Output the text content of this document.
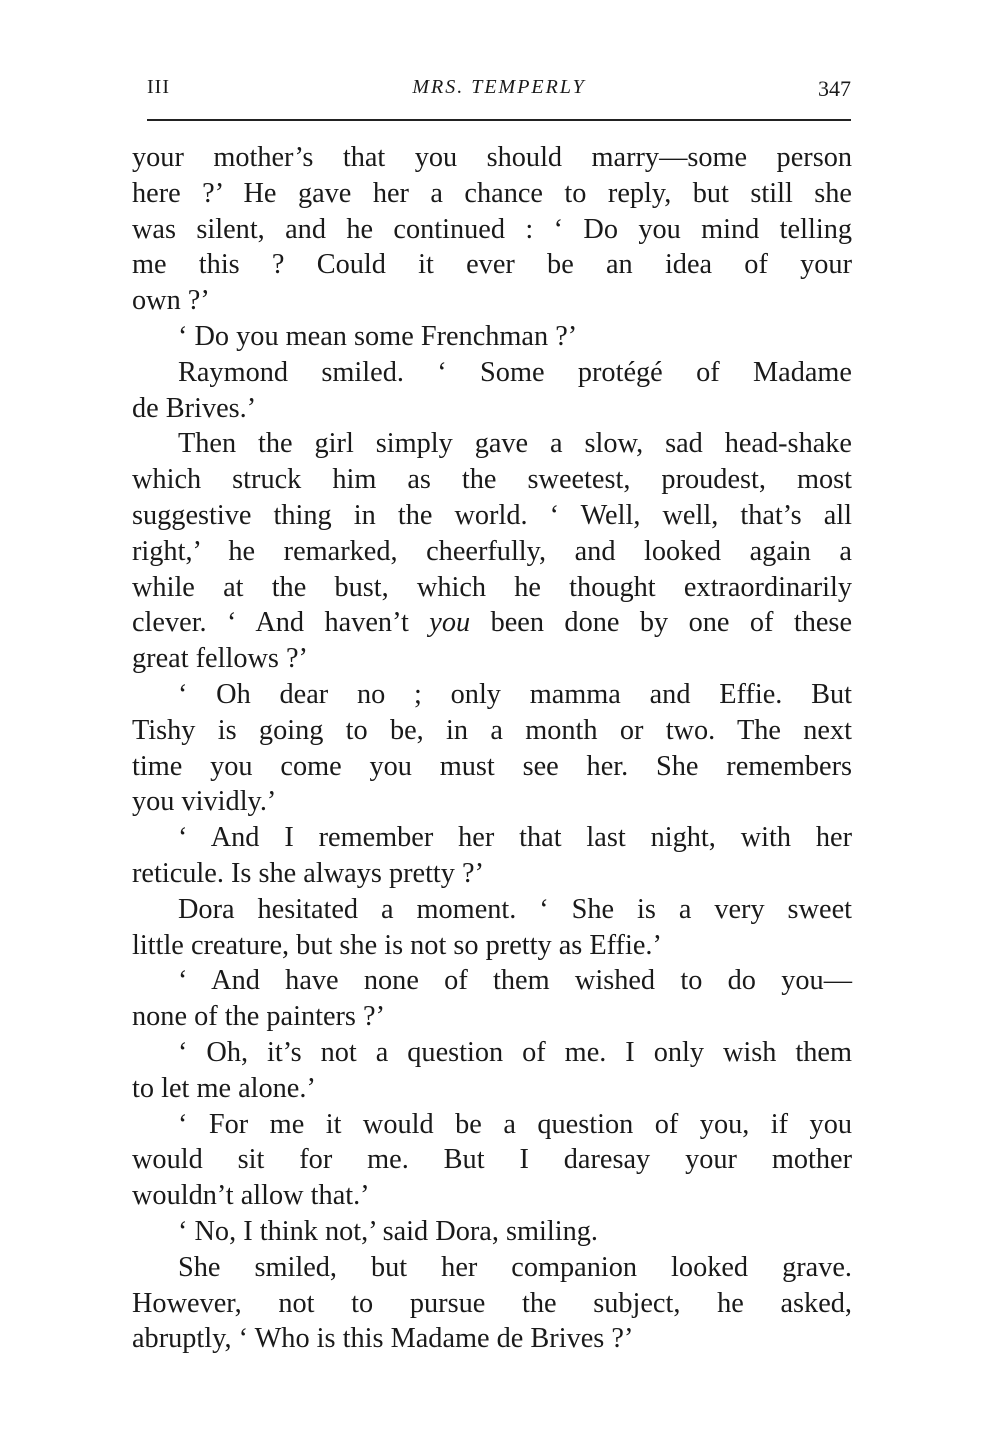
III	MRS. TEMPERLY	347
your mother’s that you should marry—some person
here ?’ He gave her a chance to reply, but still she
was silent, and he continued : ‘ Do you mind telling
me this ? Could it ever be an idea of your
own ?’
‘ Do you mean some Frenchman ?’
Raymond smiled. ‘ Some protégé of Madame
de Brives.’
Then the girl simply gave a slow, sad head-shake
which struck him as the sweetest, proudest, most
suggestive thing in the world. ‘ Well, well, that’s all
right,’ he remarked, cheerfully, and looked again a
while at the bust, which he thought extraordinarily
clever. ‘ And haven’t you been done by one of these
great fellows ?’
‘ Oh dear no ; only mamma and Effie. But
Tishy is going to be, in a month or two. The next
time you come you must see her. She remembers
you vividly.’
‘ And I remember her that last night, with her
reticule. Is she always pretty ?’
Dora hesitated a moment. ‘ She is a very sweet
little creature, but she is not so pretty as Effie.’
‘ And have none of them wished to do you—
none of the painters ?’
‘ Oh, it’s not a question of me. I only wish them
to let me alone.’
‘ For me it would be a question of you, if you
would sit for me. But I daresay your mother
wouldn’t allow that.’
‘ No, I think not,’ said Dora, smiling.
She smiled, but her companion looked grave.
However, not to pursue the subject, he asked,
abruptly, ‘ Who is this Madame de Brives ?’
